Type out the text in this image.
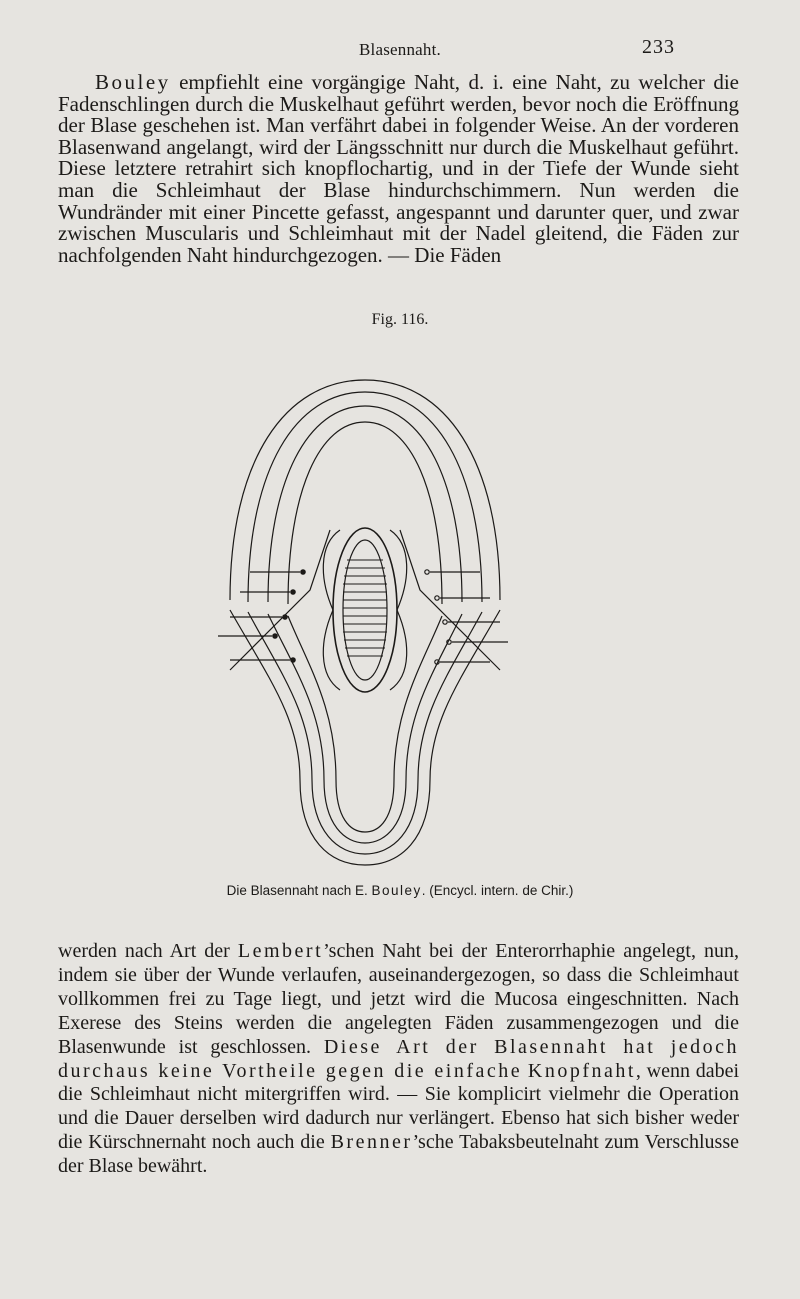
Blasennaht.	233

Bouley empfiehlt eine vorgängige Naht, d. i. eine Naht, zu welcher die Fadenschlingen durch die Muskelhaut geführt werden, bevor noch die Eröffnung der Blase geschehen ist. Man verfährt dabei in folgender Weise. An der vorderen Blasenwand angelangt, wird der Längsschnitt nur durch die Muskelhaut geführt. Diese letztere retrahirt sich knopflochartig, und in der Tiefe der Wunde sieht man die Schleimhaut der Blase hindurchschimmern. Nun werden die Wundränder mit einer Pincette gefasst, angespannt und darunter quer, und zwar zwischen Muscularis und Schleimhaut mit der Nadel gleitend, die Fäden zur nachfolgenden Naht hindurchgezogen. — Die Fäden

Fig. 116.
Die Blasennaht nach E. Bouley. (Encycl. intern. de Chir.)

werden nach Art der Lembert’schen Naht bei der Enterorrhaphie angelegt, nun, indem sie über der Wunde verlaufen, auseinandergezogen, so dass die Schleimhaut vollkommen frei zu Tage liegt, und jetzt wird die Mucosa eingeschnitten. Nach Exerese des Steins werden die angelegten Fäden zusammengezogen und die Blasenwunde ist geschlossen. Diese Art der Blasennaht hat jedoch durchaus keine Vortheile gegen die einfache Knopfnaht, wenn dabei die Schleimhaut nicht mitergriffen wird. — Sie komplicirt vielmehr die Operation und die Dauer derselben wird dadurch nur verlängert. Ebenso hat sich bisher weder die Kürschnernaht noch auch die Brenner’sche Tabaksbeutelnaht zum Verschlusse der Blase bewährt.
